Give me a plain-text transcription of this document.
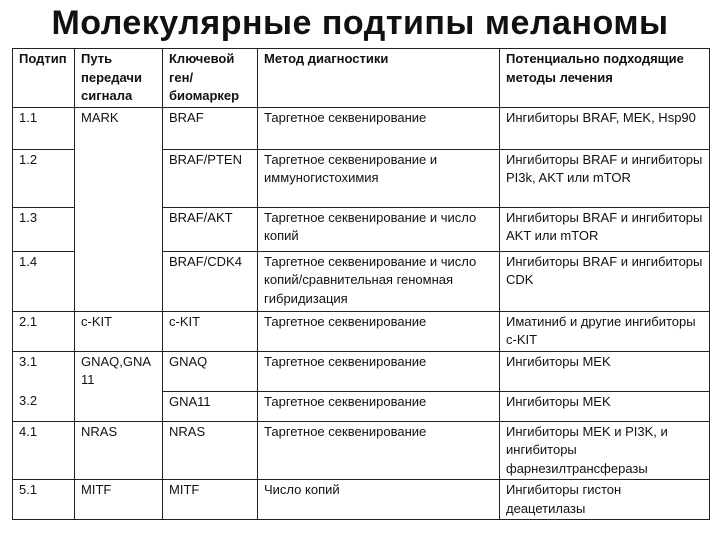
Молекулярные подтипы меланомы
Подтип	Путь передачи сигнала	Ключевой ген/ биомаркер	Метод диагностики	Потенциально подходящие методы лечения
1.1	MARK	BRAF	Таргетное секвенирование	Ингибиторы BRAF, MEK, Hsp90
1.2		BRAF/PTEN	Таргетное секвенирование и иммуногистохимия	Ингибиторы BRAF и ингибиторы PI3k, AKT или mTOR
1.3		BRAF/AKT	Таргетное секвенирование и число копий	Ингибиторы BRAF и ингибиторы AKT или mTOR
1.4		BRAF/CDK4	Таргетное секвенирование и число копий/сравнительная геномная гибридизация	Ингибиторы BRAF и ингибиторы CDK
2.1	c-KIT	c-KIT	Таргетное секвенирование	Иматиниб и другие ингибиторы c-KIT
3.1	GNAQ,GNA 11	GNAQ	Таргетное секвенирование	Ингибиторы MEK
3.2		GNA11	Таргетное секвенирование	Ингибиторы MEK
4.1	NRAS	NRAS	Таргетное секвенирование	Ингибиторы MEK и PI3K, и ингибиторы фарнезилтрансферазы
5.1	MITF	MITF	Число копий	Ингибиторы гистон деацетилазы
